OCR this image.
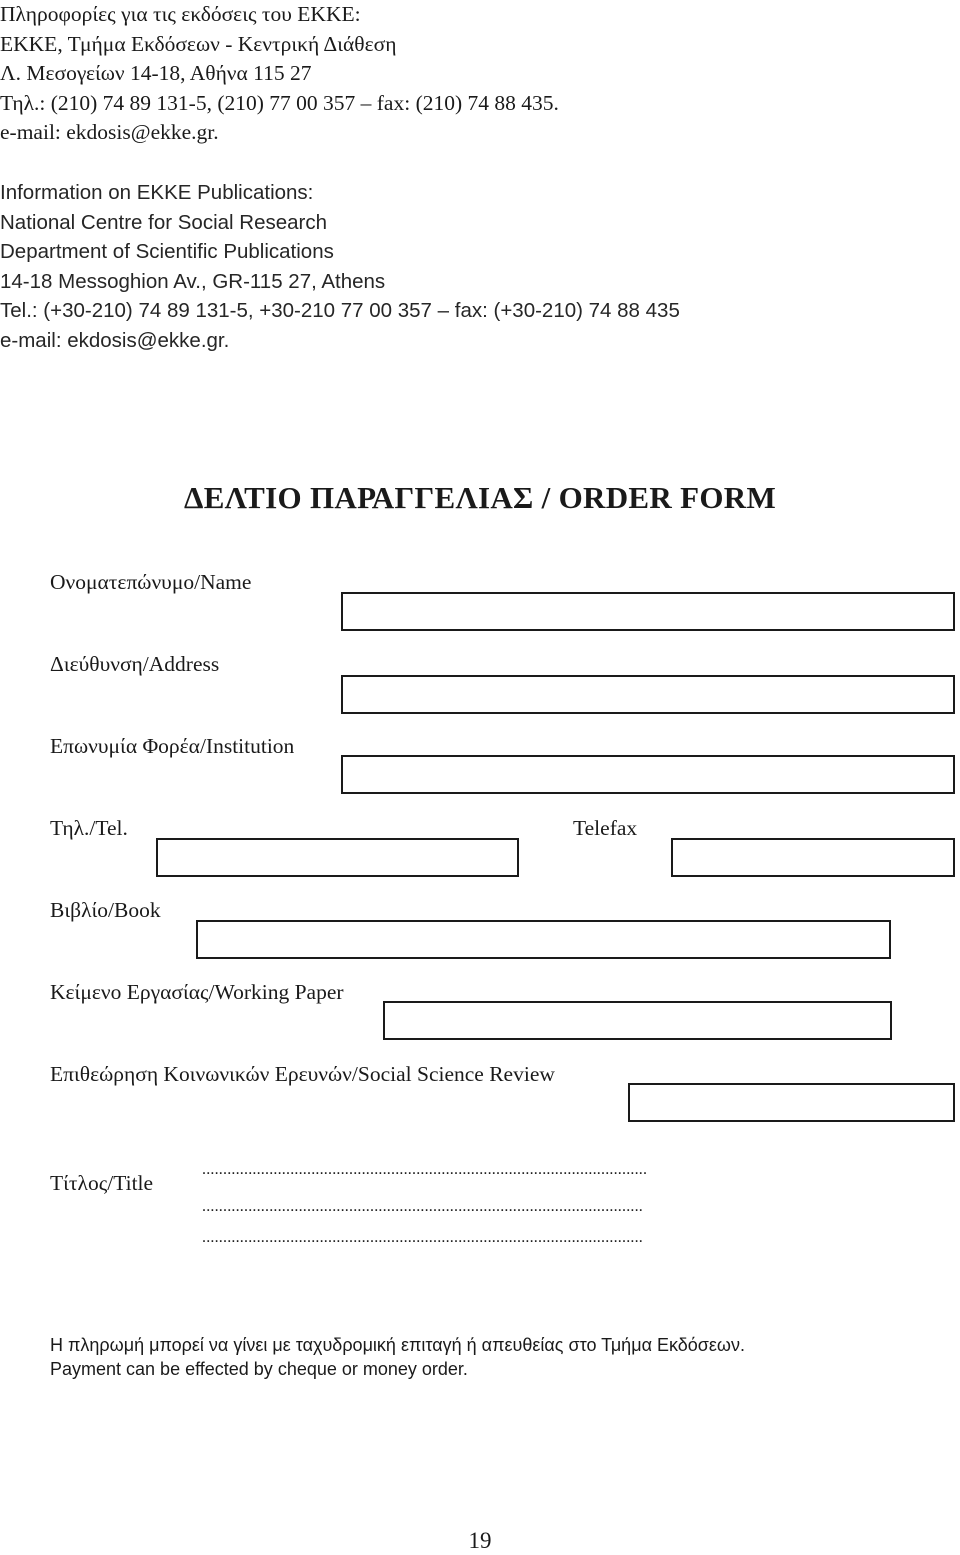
Πληροφορίες για τις εκδόσεις του ΕΚΚΕ:
ΕΚΚΕ, Τμήμα Εκδόσεων - Κεντρική Διάθεση
Λ. Μεσογείων 14-18, Αθήνα 115 27
Τηλ.: (210) 74 89 131-5, (210) 77 00 357 – fax: (210) 74 88 435.
e-mail: ekdosis@ekke.gr.
Information on EKKE Publications:
National Centre for Social Research
Department of Scientific Publications
14-18 Messoghion Av., GR-115 27, Athens
Tel.: (+30-210) 74 89 131-5, +30-210 77 00 357 – fax: (+30-210) 74 88 435
e-mail: ekdosis@ekke.gr.
ΔΕΛΤΙΟ ΠΑΡΑΓΓΕΛΙΑΣ / ORDER FORM

Ονοματεπώνυμο/Name

Διεύθυνση/Address

Επωνυμία Φορέα/Institution

Τηλ./Tel.	Telefax

Βιβλίο/Book

Κείμενο Εργασίας/Working Paper

Επιθεώρηση Κοινωνικών Ερευνών/Social Science Review

Τίτλος/Title

..........................................................................................................
.........................................................................................................
.........................................................................................................

Η πληρωμή μπορεί να γίνει με ταχυδρομική επιταγή ή απευθείας στο Τμήμα Εκδόσεων.

Payment can be effected by cheque or money order.

19
